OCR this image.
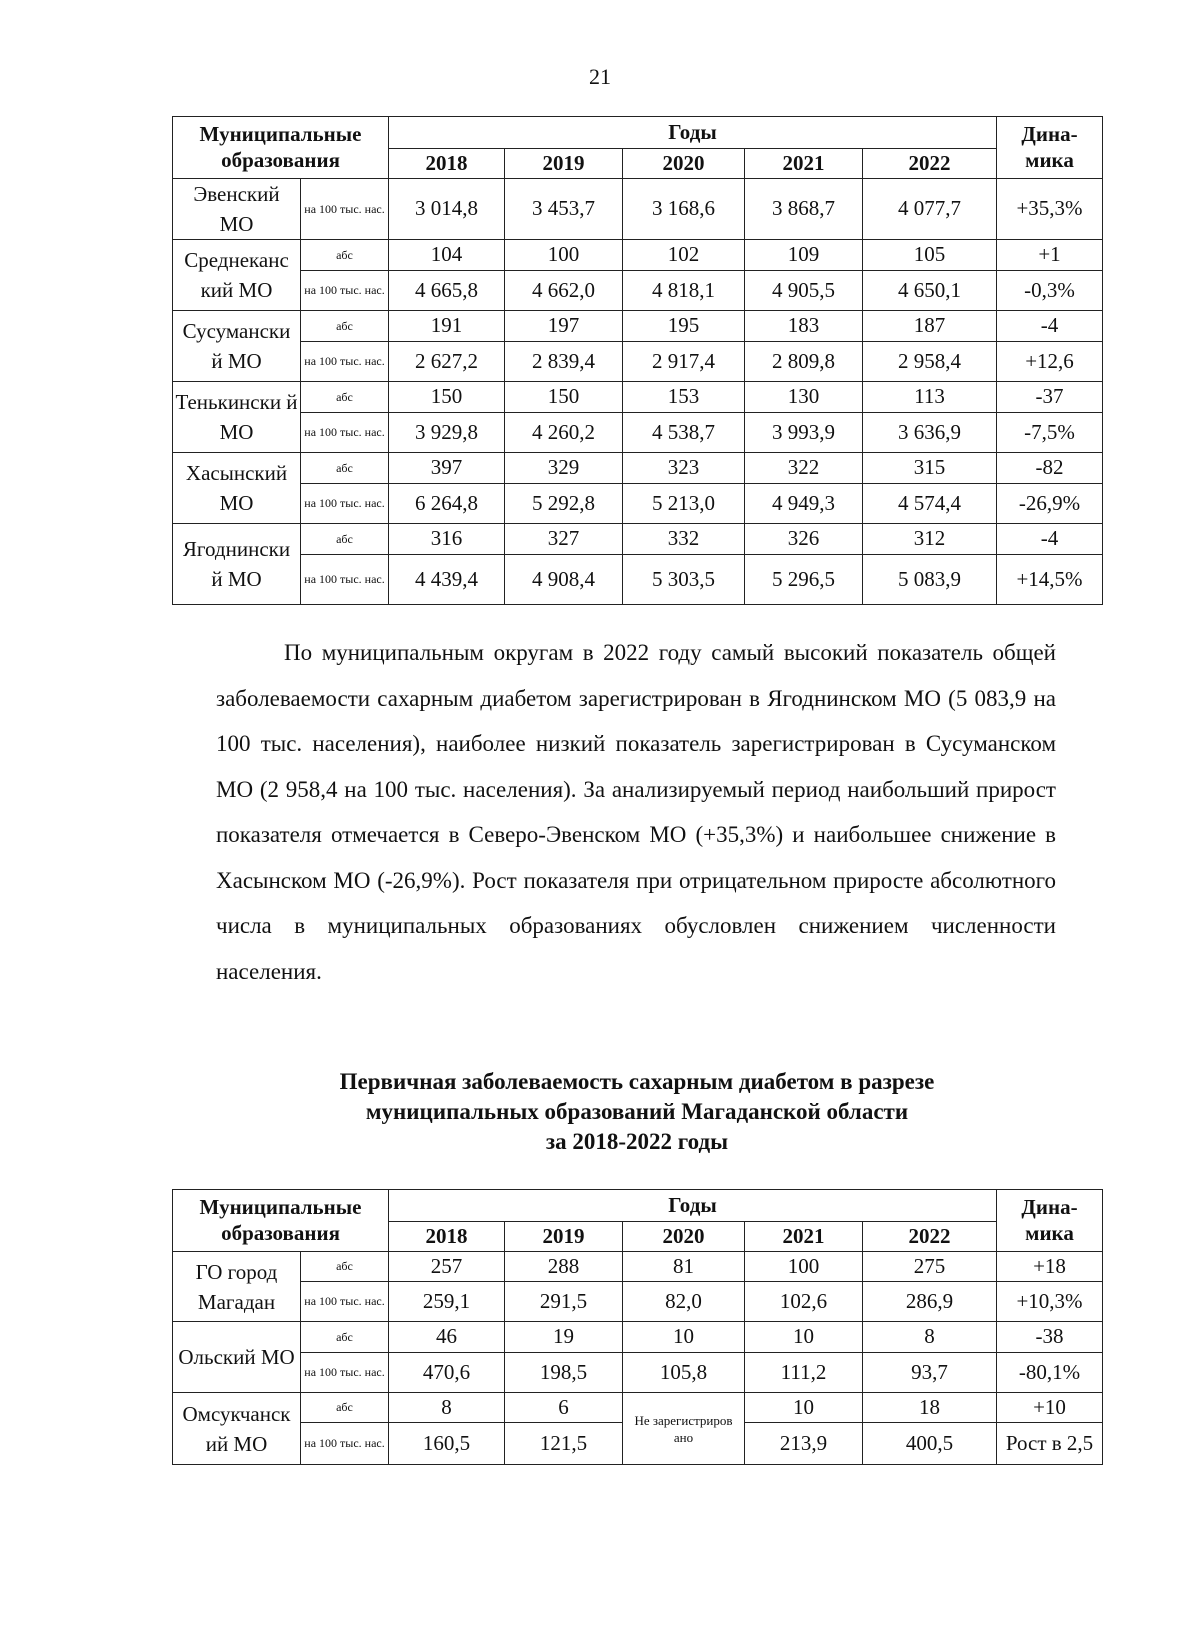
21
Муниципальные образования		Годы					Дина-мика
		2018	2019	2020	2021	2022	
Эвенский МО	на 100 тыс. нас.	3 014,8	3 453,7	3 168,6	3 868,7	4 077,7	+35,3%
Среднеканс кий МО	абс	104	100	102	109	105	+1
	на 100 тыс. нас.	4 665,8	4 662,0	4 818,1	4 905,5	4 650,1	-0,3%
Сусумански й МО	абс	191	197	195	183	187	-4
	на 100 тыс. нас.	2 627,2	2 839,4	2 917,4	2 809,8	2 958,4	+12,6
Тенькински й МО	абс	150	150	153	130	113	-37
	на 100 тыс. нас.	3 929,8	4 260,2	4 538,7	3 993,9	3 636,9	-7,5%
Хасынский МО	абс	397	329	323	322	315	-82
	на 100 тыс. нас.	6 264,8	5 292,8	5 213,0	4 949,3	4 574,4	-26,9%
Ягоднински й МО	абс	316	327	332	326	312	-4
	на 100 тыс. нас.	4 439,4	4 908,4	5 303,5	5 296,5	5 083,9	+14,5%

По муниципальным округам в 2022 году самый высокий показатель общей заболеваемости сахарным диабетом зарегистрирован в Ягоднинском МО (5 083,9 на 100 тыс. населения), наиболее низкий показатель зарегистрирован в Сусуманском МО (2 958,4 на 100 тыс. населения). За анализируемый период наибольший прирост показателя отмечается в Северо-Эвенском МО (+35,3%) и наибольшее снижение в Хасынском МО (-26,9%). Рост показателя при отрицательном приросте абсолютного числа в муниципальных образованиях обусловлен снижением численности населения.

Первичная заболеваемость сахарным диабетом в разрезе
муниципальных образований Магаданской области
за 2018-2022 годы
Муниципальные образования		Годы					Дина-мика
		2018	2019	2020	2021	2022	
ГО город Магадан	абс	257	288	81	100	275	+18
	на 100 тыс. нас.	259,1	291,5	82,0	102,6	286,9	+10,3%
Ольский МО	абс	46	19	10	10	8	-38
	на 100 тыс. нас.	470,6	198,5	105,8	111,2	93,7	-80,1%
Омсукчанск ий МО	абс	8	6	Не зарегистриров ано	10	18	+10
	на 100 тыс. нас.	160,5	121,5		213,9	400,5	Рост в 2,5
